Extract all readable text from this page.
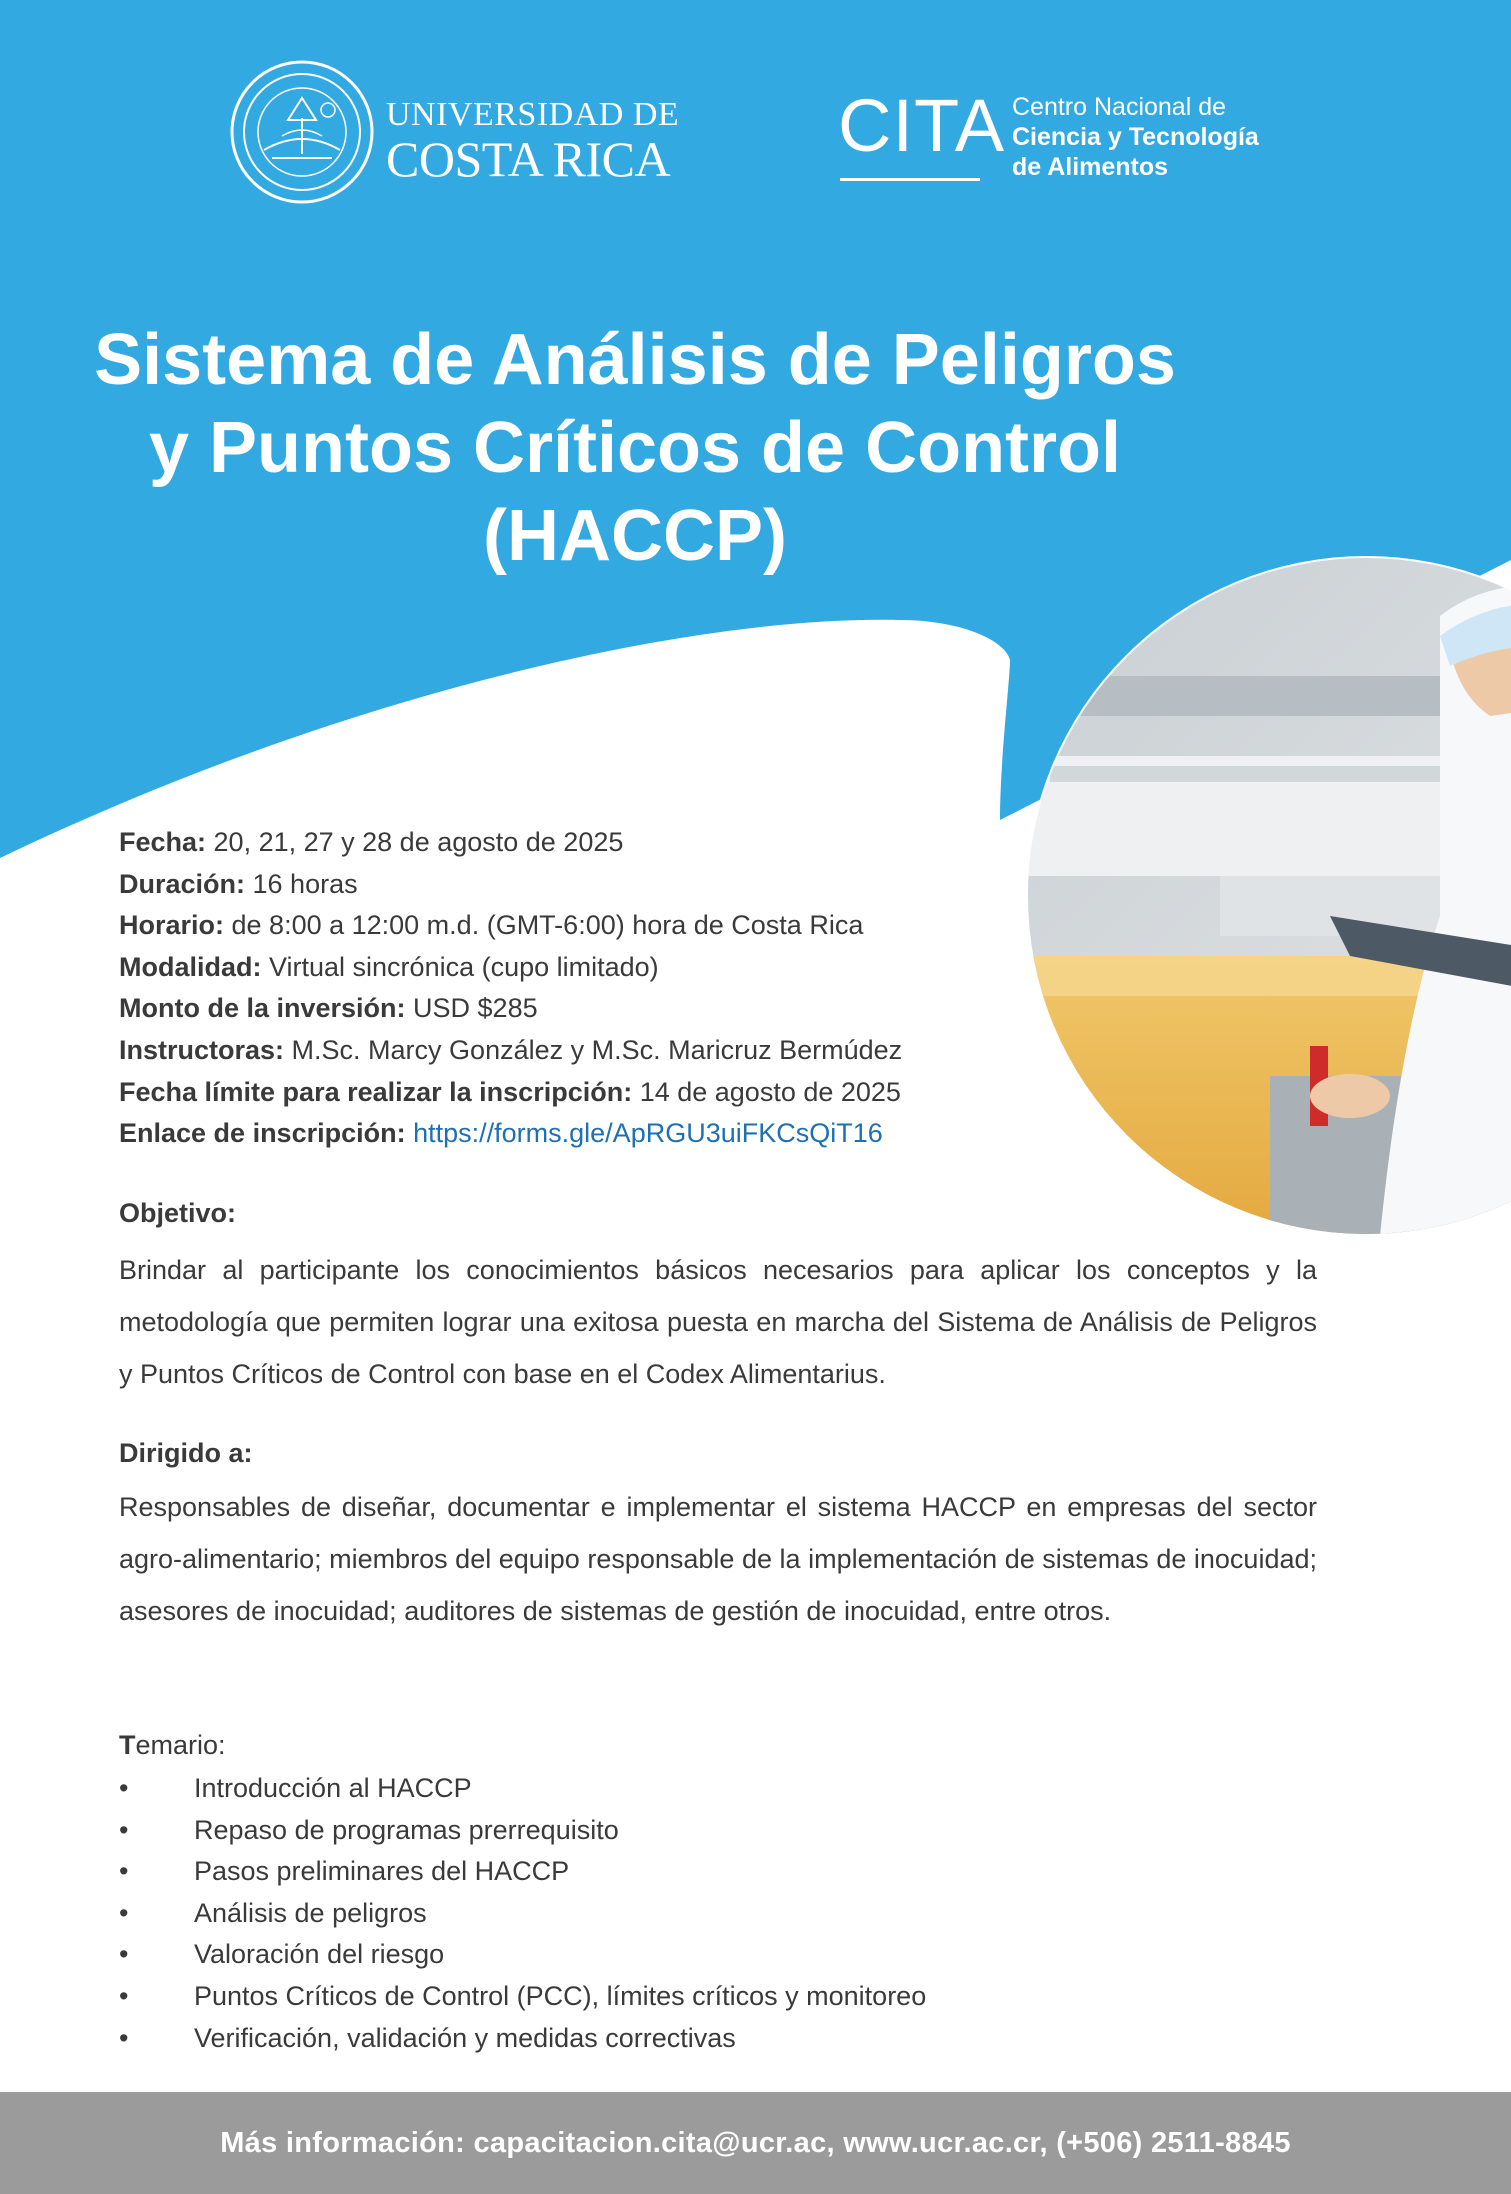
UNIVERSIDAD DE
COSTA RICA CITA Centro Nacional de
Ciencia y Tecnología
de Alimentos
Sistema de Análisis de Peligros
y Puntos Críticos de Control
(HACCP)
Fecha: 20, 21, 27 y 28 de agosto de 2025
Duración: 16 horas
Horario: de 8:00 a 12:00 m.d. (GMT-6:00) hora de Costa Rica
Modalidad: Virtual sincrónica (cupo limitado)
Monto de la inversión: USD $285
Instructoras: M.Sc. Marcy González y M.Sc. Maricruz Bermúdez
Fecha límite para realizar la inscripción: 14 de agosto de 2025
Enlace de inscripción: https://forms.gle/ApRGU3uiFKCsQiT16
Objetivo:

Brindar al participante los conocimientos básicos necesarios para aplicar los conceptos y la metodología que permiten lograr una exitosa puesta en marcha del Sistema de Análisis de Peligros y Puntos Críticos de Control con base en el Codex Alimentarius.

Dirigido a:

Responsables de diseñar, documentar e implementar el sistema HACCP en empresas del sector agro-alimentario; miembros del equipo responsable de la implementación de sistemas de inocuidad; asesores de inocuidad; auditores de sistemas de gestión de inocuidad, entre otros.

Temario:
• Introducción al HACCP
• Repaso de programas prerrequisito
• Pasos preliminares del HACCP
• Análisis de peligros
• Valoración del riesgo
• Puntos Críticos de Control (PCC), límites críticos y monitoreo
• Verificación, validación y medidas correctivas
Más información: capacitacion.cita@ucr.ac, www.ucr.ac.cr, (+506) 2511-8845
